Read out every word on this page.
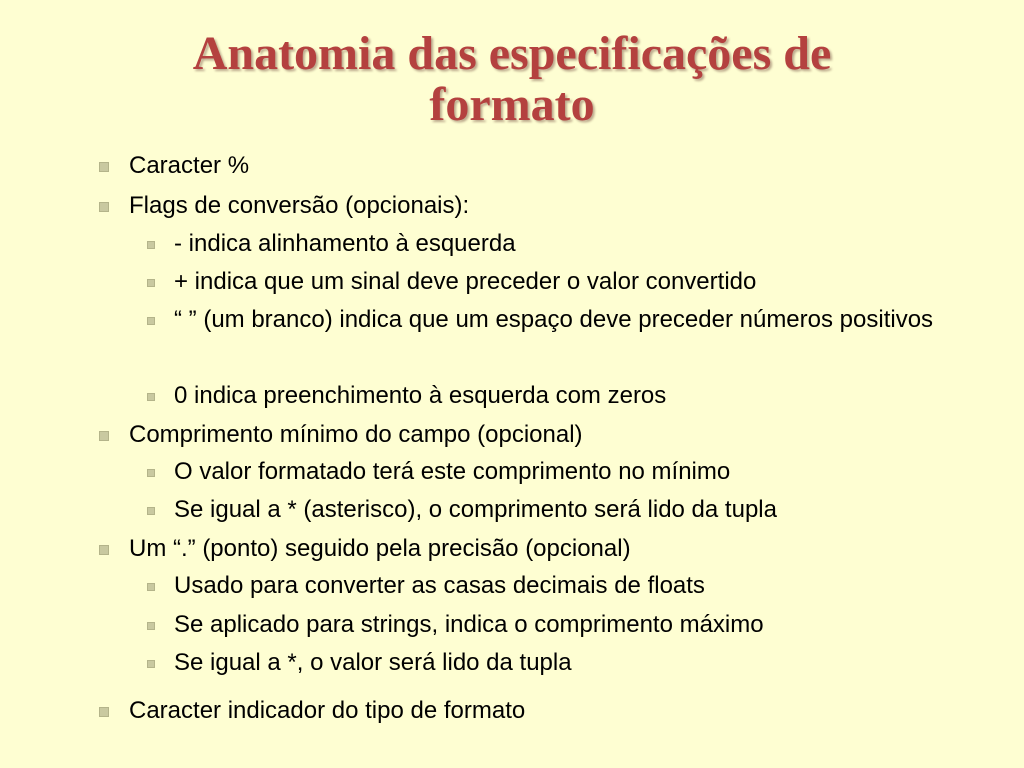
Anatomia das especificações de
formato
Caracter %
Flags de conversão (opcionais):
- indica alinhamento à esquerda
+ indica que um sinal deve preceder o valor convertido
“ ” (um branco) indica que um espaço deve preceder números positivos
0 indica preenchimento à esquerda com zeros
Comprimento mínimo do campo (opcional)
O valor formatado terá este comprimento no mínimo
Se igual a * (asterisco), o comprimento será lido da tupla
Um “.” (ponto) seguido pela precisão (opcional)
Usado para converter as casas decimais de floats
Se aplicado para strings, indica o comprimento máximo
Se igual a *, o valor será lido da tupla
Caracter indicador do tipo de formato
